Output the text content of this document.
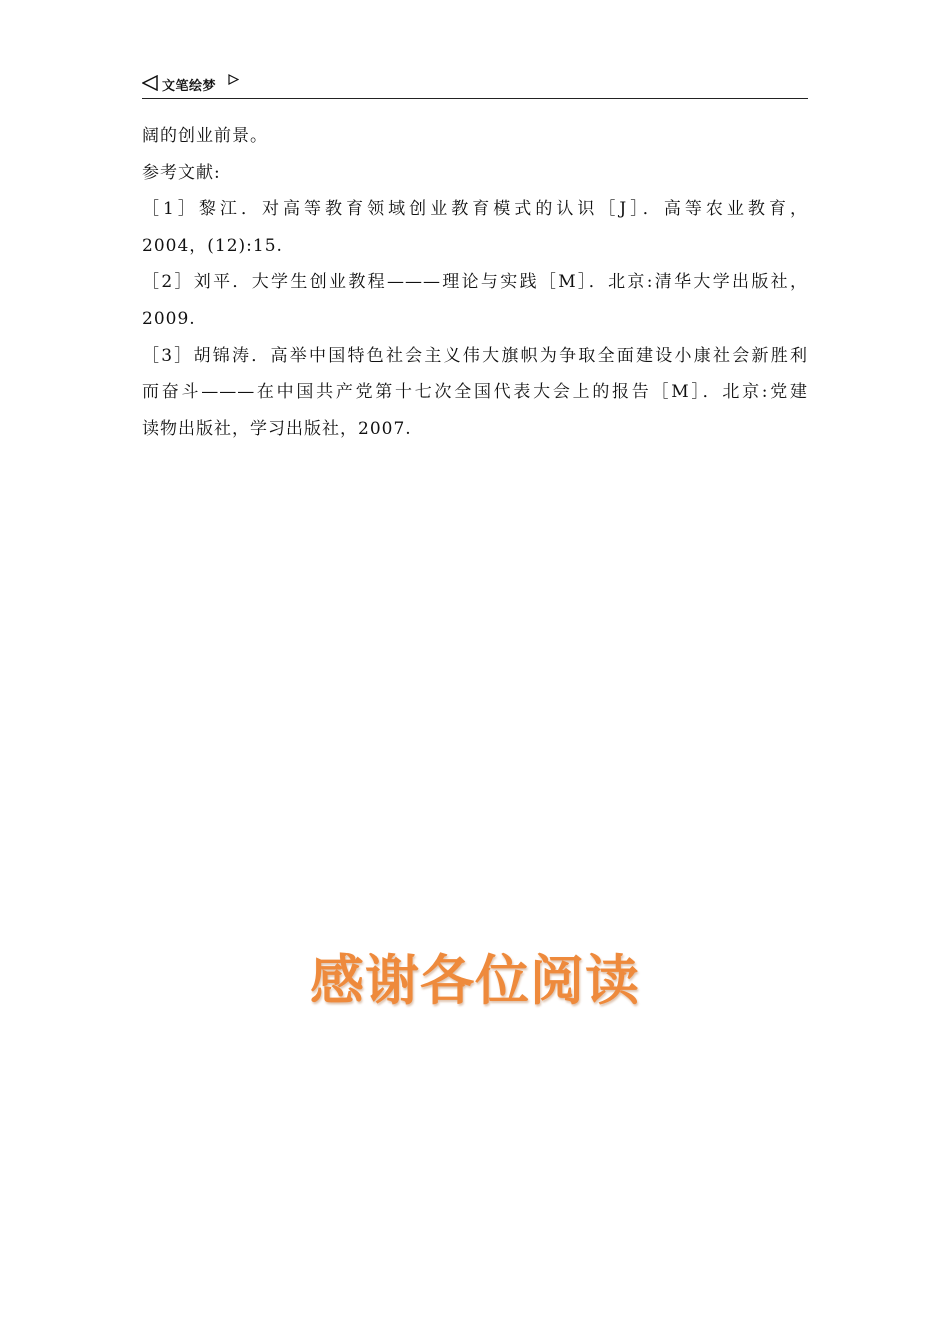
文笔绘梦
阔的创业前景。
参考文献:
［1］黎江．对高等教育领域创业教育模式的认识［J］．高等农业教育，
2004，(12):15.
［2］刘平．大学生创业教程———理论与实践［M］．北京:清华大学出版社，
2009.
［3］胡锦涛．高举中国特色社会主义伟大旗帜为争取全面建设小康社会新胜利
而奋斗———在中国共产党第十七次全国代表大会上的报告［M］．北京:党建
读物出版社，学习出版社，2007.
感谢各位阅读
